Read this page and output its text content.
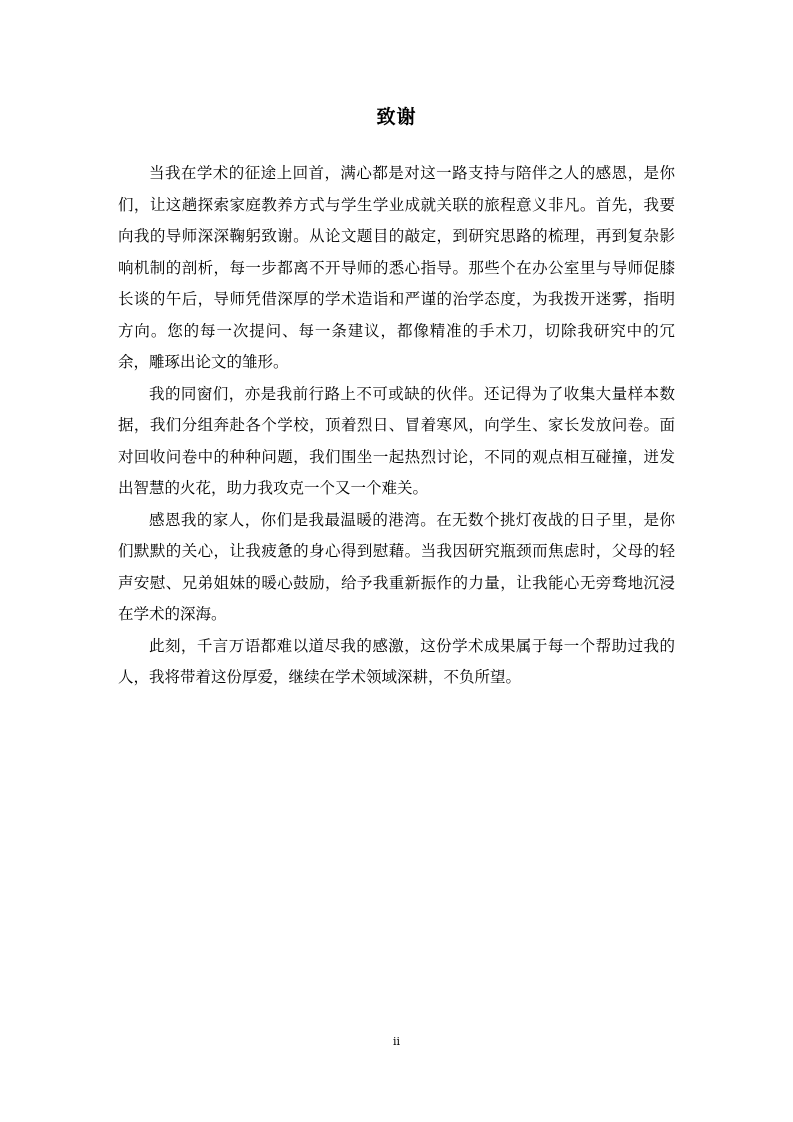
致谢

当我在学术的征途上回首，满心都是对这一路支持与陪伴之人的感恩，是你们，让这趟探索家庭教养方式与学生学业成就关联的旅程意义非凡。首先，我要向我的导师深深鞠躬致谢。从论文题目的敲定，到研究思路的梳理，再到复杂影响机制的剖析，每一步都离不开导师的悉心指导。那些个在办公室里与导师促膝长谈的午后，导师凭借深厚的学术造诣和严谨的治学态度，为我拨开迷雾，指明方向。您的每一次提问、每一条建议，都像精准的手术刀，切除我研究中的冗余，雕琢出论文的雏形。

我的同窗们，亦是我前行路上不可或缺的伙伴。还记得为了收集大量样本数据，我们分组奔赴各个学校，顶着烈日、冒着寒风，向学生、家长发放问卷。面对回收问卷中的种种问题，我们围坐一起热烈讨论，不同的观点相互碰撞，迸发出智慧的火花，助力我攻克一个又一个难关。

感恩我的家人，你们是我最温暖的港湾。在无数个挑灯夜战的日子里，是你们默默的关心，让我疲惫的身心得到慰藉。当我因研究瓶颈而焦虑时，父母的轻声安慰、兄弟姐妹的暖心鼓励，给予我重新振作的力量，让我能心无旁骛地沉浸在学术的深海。

此刻，千言万语都难以道尽我的感激，这份学术成果属于每一个帮助过我的人，我将带着这份厚爱，继续在学术领域深耕，不负所望。

ii
